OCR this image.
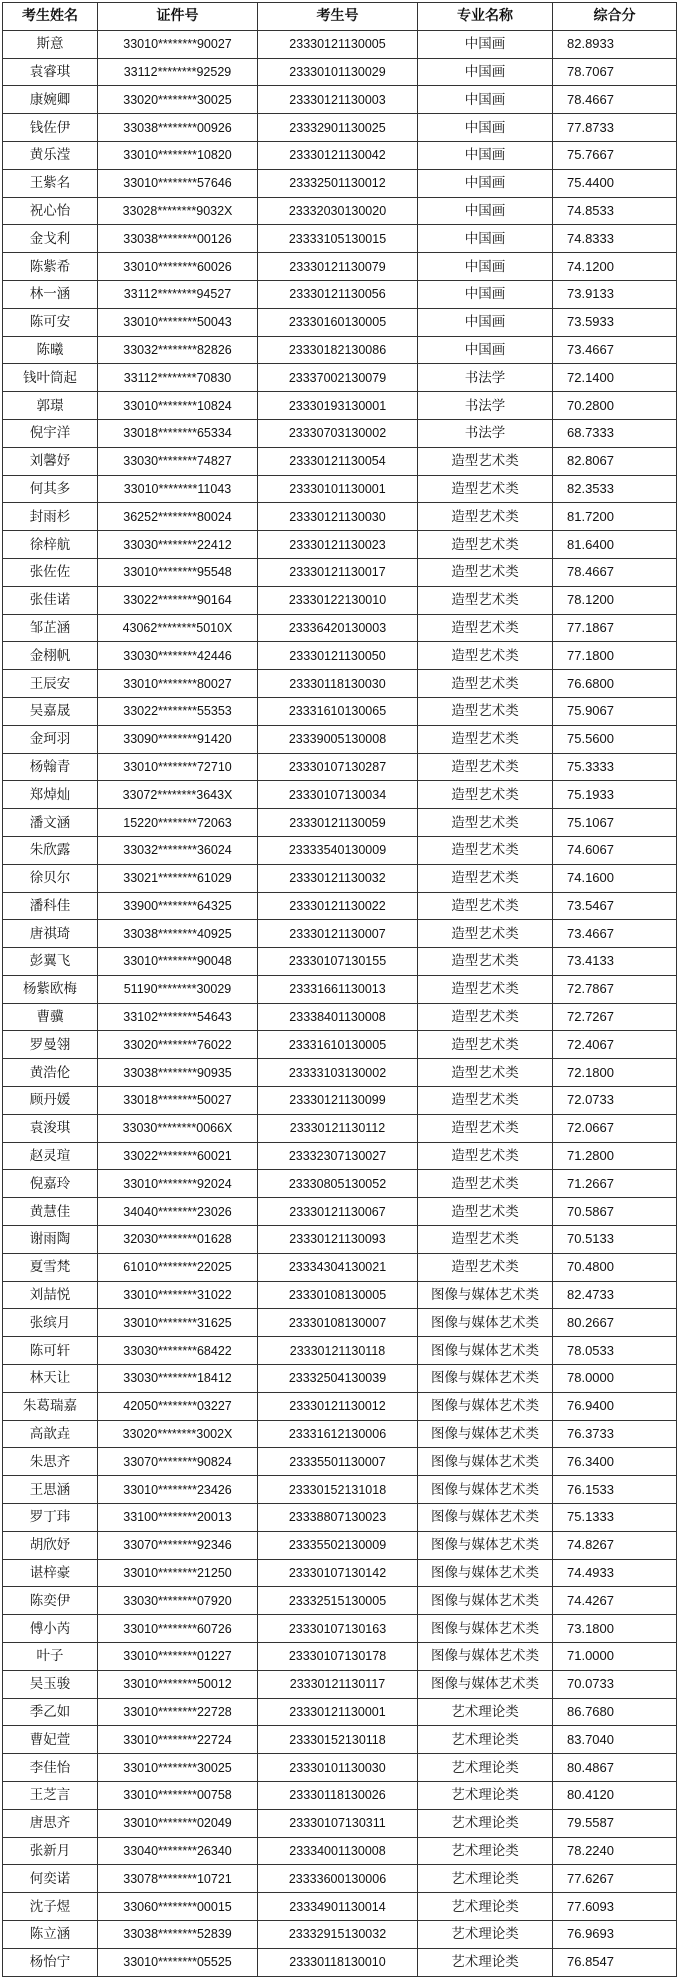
考生姓名	证件号	考生号	专业名称	综合分
斯意	33010********90027	23330121130005	中国画	82.8933
袁睿琪	33112********92529	23330101130029	中国画	78.7067
康婉卿	33020********30025	23330121130003	中国画	78.4667
钱佐伊	33038********00926	23332901130025	中国画	77.8733
黄乐滢	33010********10820	23330121130042	中国画	75.7667
王紫名	33010********57646	23332501130012	中国画	75.4400
祝心怡	33028********9032X	23332030130020	中国画	74.8533
金戈利	33038********00126	23333105130015	中国画	74.8333
陈紫希	33010********60026	23330121130079	中国画	74.1200
林一涵	33112********94527	23330121130056	中国画	73.9133
陈可安	33010********50043	23330160130005	中国画	73.5933
陈曦	33032********82826	23330182130086	中国画	73.4667
钱叶筒起	33112********70830	23337002130079	书法学	72.1400
郭璟	33010********10824	23330193130001	书法学	70.2800
倪宇洋	33018********65334	23330703130002	书法学	68.7333
刘馨妤	33030********74827	23330121130054	造型艺术类	82.8067
何其多	33010********11043	23330101130001	造型艺术类	82.3533
封雨杉	36252********80024	23330121130030	造型艺术类	81.7200
徐梓航	33030********22412	23330121130023	造型艺术类	81.6400
张佐佐	33010********95548	23330121130017	造型艺术类	78.4667
张佳诺	33022********90164	23330122130010	造型艺术类	78.1200
邹芷涵	43062********5010X	23336420130003	造型艺术类	77.1867
金栩帆	33030********42446	23330121130050	造型艺术类	77.1800
王辰安	33010********80027	23330118130030	造型艺术类	76.6800
吴嘉晟	33022********55353	23331610130065	造型艺术类	75.9067
金珂羽	33090********91420	23339005130008	造型艺术类	75.5600
杨翰青	33010********72710	23330107130287	造型艺术类	75.3333
郑焯灿	33072********3643X	23330107130034	造型艺术类	75.1933
潘文涵	15220********72063	23330121130059	造型艺术类	75.1067
朱欣露	33032********36024	23333540130009	造型艺术类	74.6067
徐贝尔	33021********61029	23330121130032	造型艺术类	74.1600
潘科佳	33900********64325	23330121130022	造型艺术类	73.5467
唐祺琦	33038********40925	23330121130007	造型艺术类	73.4667
彭翼飞	33010********90048	23330107130155	造型艺术类	73.4133
杨紫欧梅	51190********30029	23331661130013	造型艺术类	72.7867
曹骥	33102********54643	23338401130008	造型艺术类	72.7267
罗曼翎	33020********76022	23331610130005	造型艺术类	72.4067
黄浩伦	33038********90935	23333103130002	造型艺术类	72.1800
顾丹媛	33018********50027	23330121130099	造型艺术类	72.0733
袁浚琪	33030********0066X	23330121130112	造型艺术类	72.0667
赵灵瑄	33022********60021	23332307130027	造型艺术类	71.2800
倪嘉玲	33010********92024	23330805130052	造型艺术类	71.2667
黄慧佳	34040********23026	23330121130067	造型艺术类	70.5867
谢雨陶	32030********01628	23330121130093	造型艺术类	70.5133
夏雪梵	61010********22025	23334304130021	造型艺术类	70.4800
刘喆悦	33010********31022	23330108130005	图像与媒体艺术类	82.4733
张缤月	33010********31625	23330108130007	图像与媒体艺术类	80.2667
陈可轩	33030********68422	23330121130118	图像与媒体艺术类	78.0533
林天让	33030********18412	23332504130039	图像与媒体艺术类	78.0000
朱葛瑞嘉	42050********03227	23330121130012	图像与媒体艺术类	76.9400
高歆垚	33020********3002X	23331612130006	图像与媒体艺术类	76.3733
朱思齐	33070********90824	23335501130007	图像与媒体艺术类	76.3400
王思涵	33010********23426	23330152131018	图像与媒体艺术类	76.1533
罗丁玮	33100********20013	23338807130023	图像与媒体艺术类	75.1333
胡欣妤	33070********92346	23335502130009	图像与媒体艺术类	74.8267
谌梓豪	33010********21250	23330107130142	图像与媒体艺术类	74.4933
陈奕伊	33030********07920	23332515130005	图像与媒体艺术类	74.4267
傅小芮	33010********60726	23330107130163	图像与媒体艺术类	73.1800
叶子	33010********01227	23330107130178	图像与媒体艺术类	71.0000
吴玉骏	33010********50012	23330121130117	图像与媒体艺术类	70.0733
季乙如	33010********22728	23330121130001	艺术理论类	86.7680
曹妃萱	33010********22724	23330152130118	艺术理论类	83.7040
李佳怡	33010********30025	23330101130030	艺术理论类	80.4867
王芝言	33010********00758	23330118130026	艺术理论类	80.4120
唐思齐	33010********02049	23330107130311	艺术理论类	79.5587
张新月	33040********26340	23334001130008	艺术理论类	78.2240
何奕诺	33078********10721	23333600130006	艺术理论类	77.6267
沈子煜	33060********00015	23334901130014	艺术理论类	77.6093
陈立涵	33038********52839	23332915130032	艺术理论类	76.9693
杨怡宁	33010********05525	23330118130010	艺术理论类	76.8547
